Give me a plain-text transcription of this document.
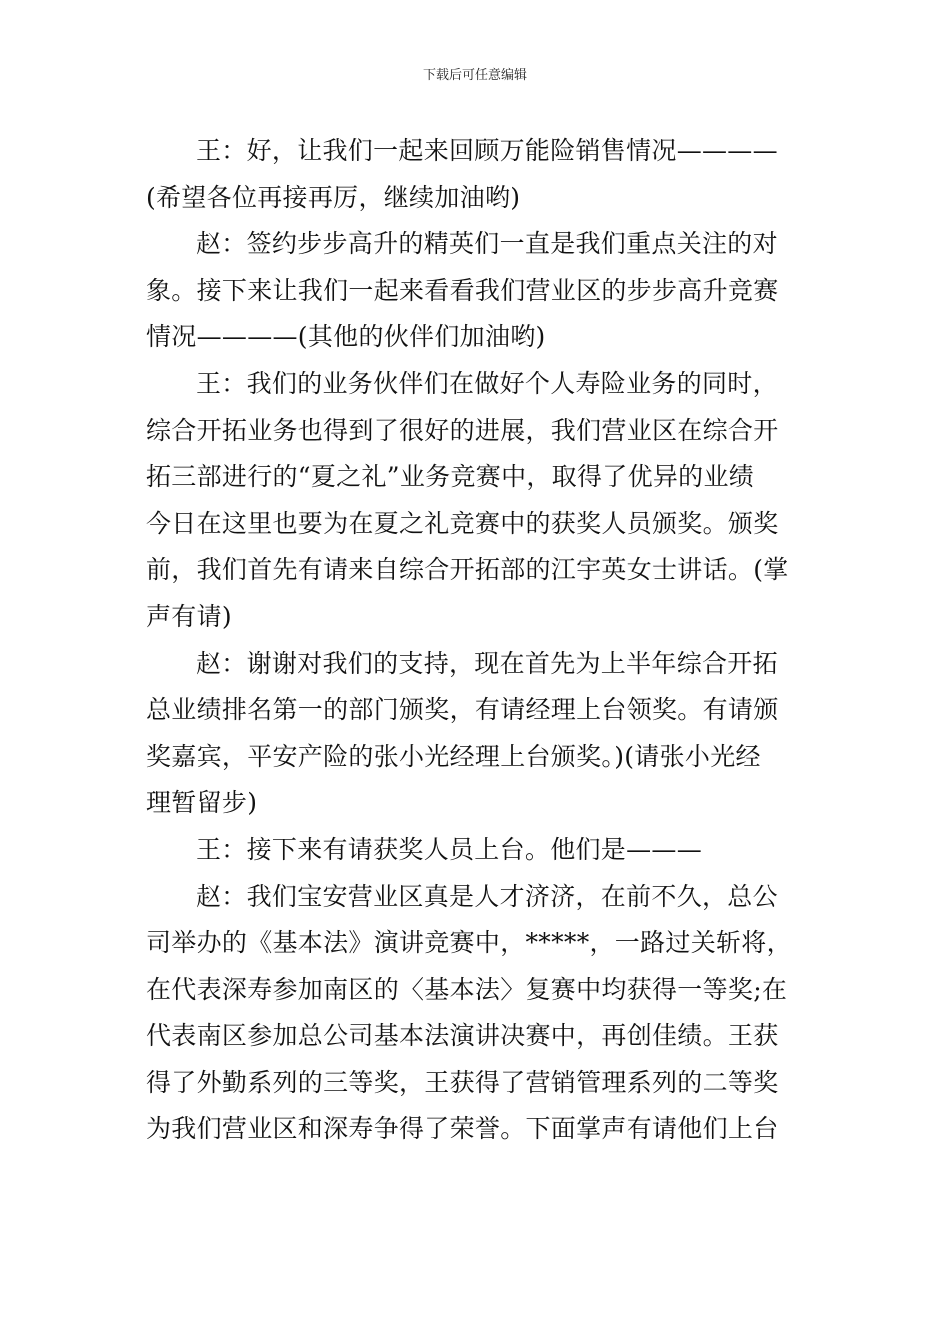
下载后可任意编辑
王：好，让我们一起来回顾万能险销售情况————
(希望各位再接再厉，继续加油哟)
赵：签约步步高升的精英们一直是我们重点关注的对
象。接下来让我们一起来看看我们营业区的步步高升竞赛
情况————(其他的伙伴们加油哟)
王：我们的业务伙伴们在做好个人寿险业务的同时，
综合开拓业务也得到了很好的进展，我们营业区在综合开
拓三部进行的“夏之礼”业务竞赛中，取得了优异的业绩
今日在这里也要为在夏之礼竞赛中的获奖人员颁奖。颁奖
前，我们首先有请来自综合开拓部的江宇英女士讲话。(掌
声有请)
赵：谢谢对我们的支持，现在首先为上半年综合开拓
总业绩排名第一的部门颁奖，有请经理上台领奖。有请颁
奖嘉宾，平安产险的张小光经理上台颁奖。)(请张小光经
理暂留步)
王：接下来有请获奖人员上台。他们是———
赵：我们宝安营业区真是人才济济，在前不久，总公
司举办的《基本法》演讲竞赛中，*****，一路过关斩将，
在代表深寿参加南区的〈基本法〉复赛中均获得一等奖;在
代表南区参加总公司基本法演讲决赛中，再创佳绩。王获
得了外勤系列的三等奖，王获得了营销管理系列的二等奖
为我们营业区和深寿争得了荣誉。下面掌声有请他们上台
